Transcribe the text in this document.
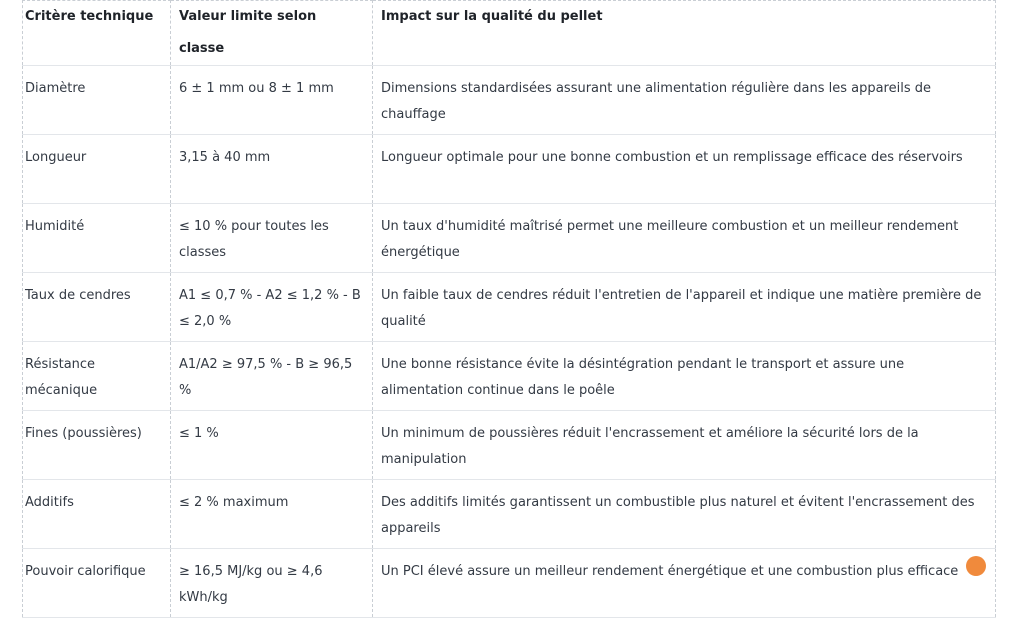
Critère technique	Valeur limite selon classe	Impact sur la qualité du pellet
Diamètre	6 ± 1 mm ou 8 ± 1 mm	Dimensions standardisées assurant une alimentation régulière dans les appareils de chauffage
Longueur	3,15 à 40 mm	Longueur optimale pour une bonne combustion et un remplissage efficace des réservoirs
Humidité	≤ 10 % pour toutes les classes	Un taux d'humidité maîtrisé permet une meilleure combustion et un meilleur rendement énergétique
Taux de cendres	A1 ≤ 0,7 % - A2 ≤ 1,2 % - B ≤ 2,0 %	Un faible taux de cendres réduit l'entretien de l'appareil et indique une matière première de qualité
Résistance mécanique	A1/A2 ≥ 97,5 % - B ≥ 96,5 %	Une bonne résistance évite la désintégration pendant le transport et assure une alimentation continue dans le poêle
Fines (poussières)	≤ 1 %	Un minimum de poussières réduit l'encrassement et améliore la sécurité lors de la manipulation
Additifs	≤ 2 % maximum	Des additifs limités garantissent un combustible plus naturel et évitent l'encrassement des appareils
Pouvoir calorifique	≥ 16,5 MJ/kg ou ≥ 4,6 kWh/kg	Un PCI élevé assure un meilleur rendement énergétique et une combustion plus efficace
